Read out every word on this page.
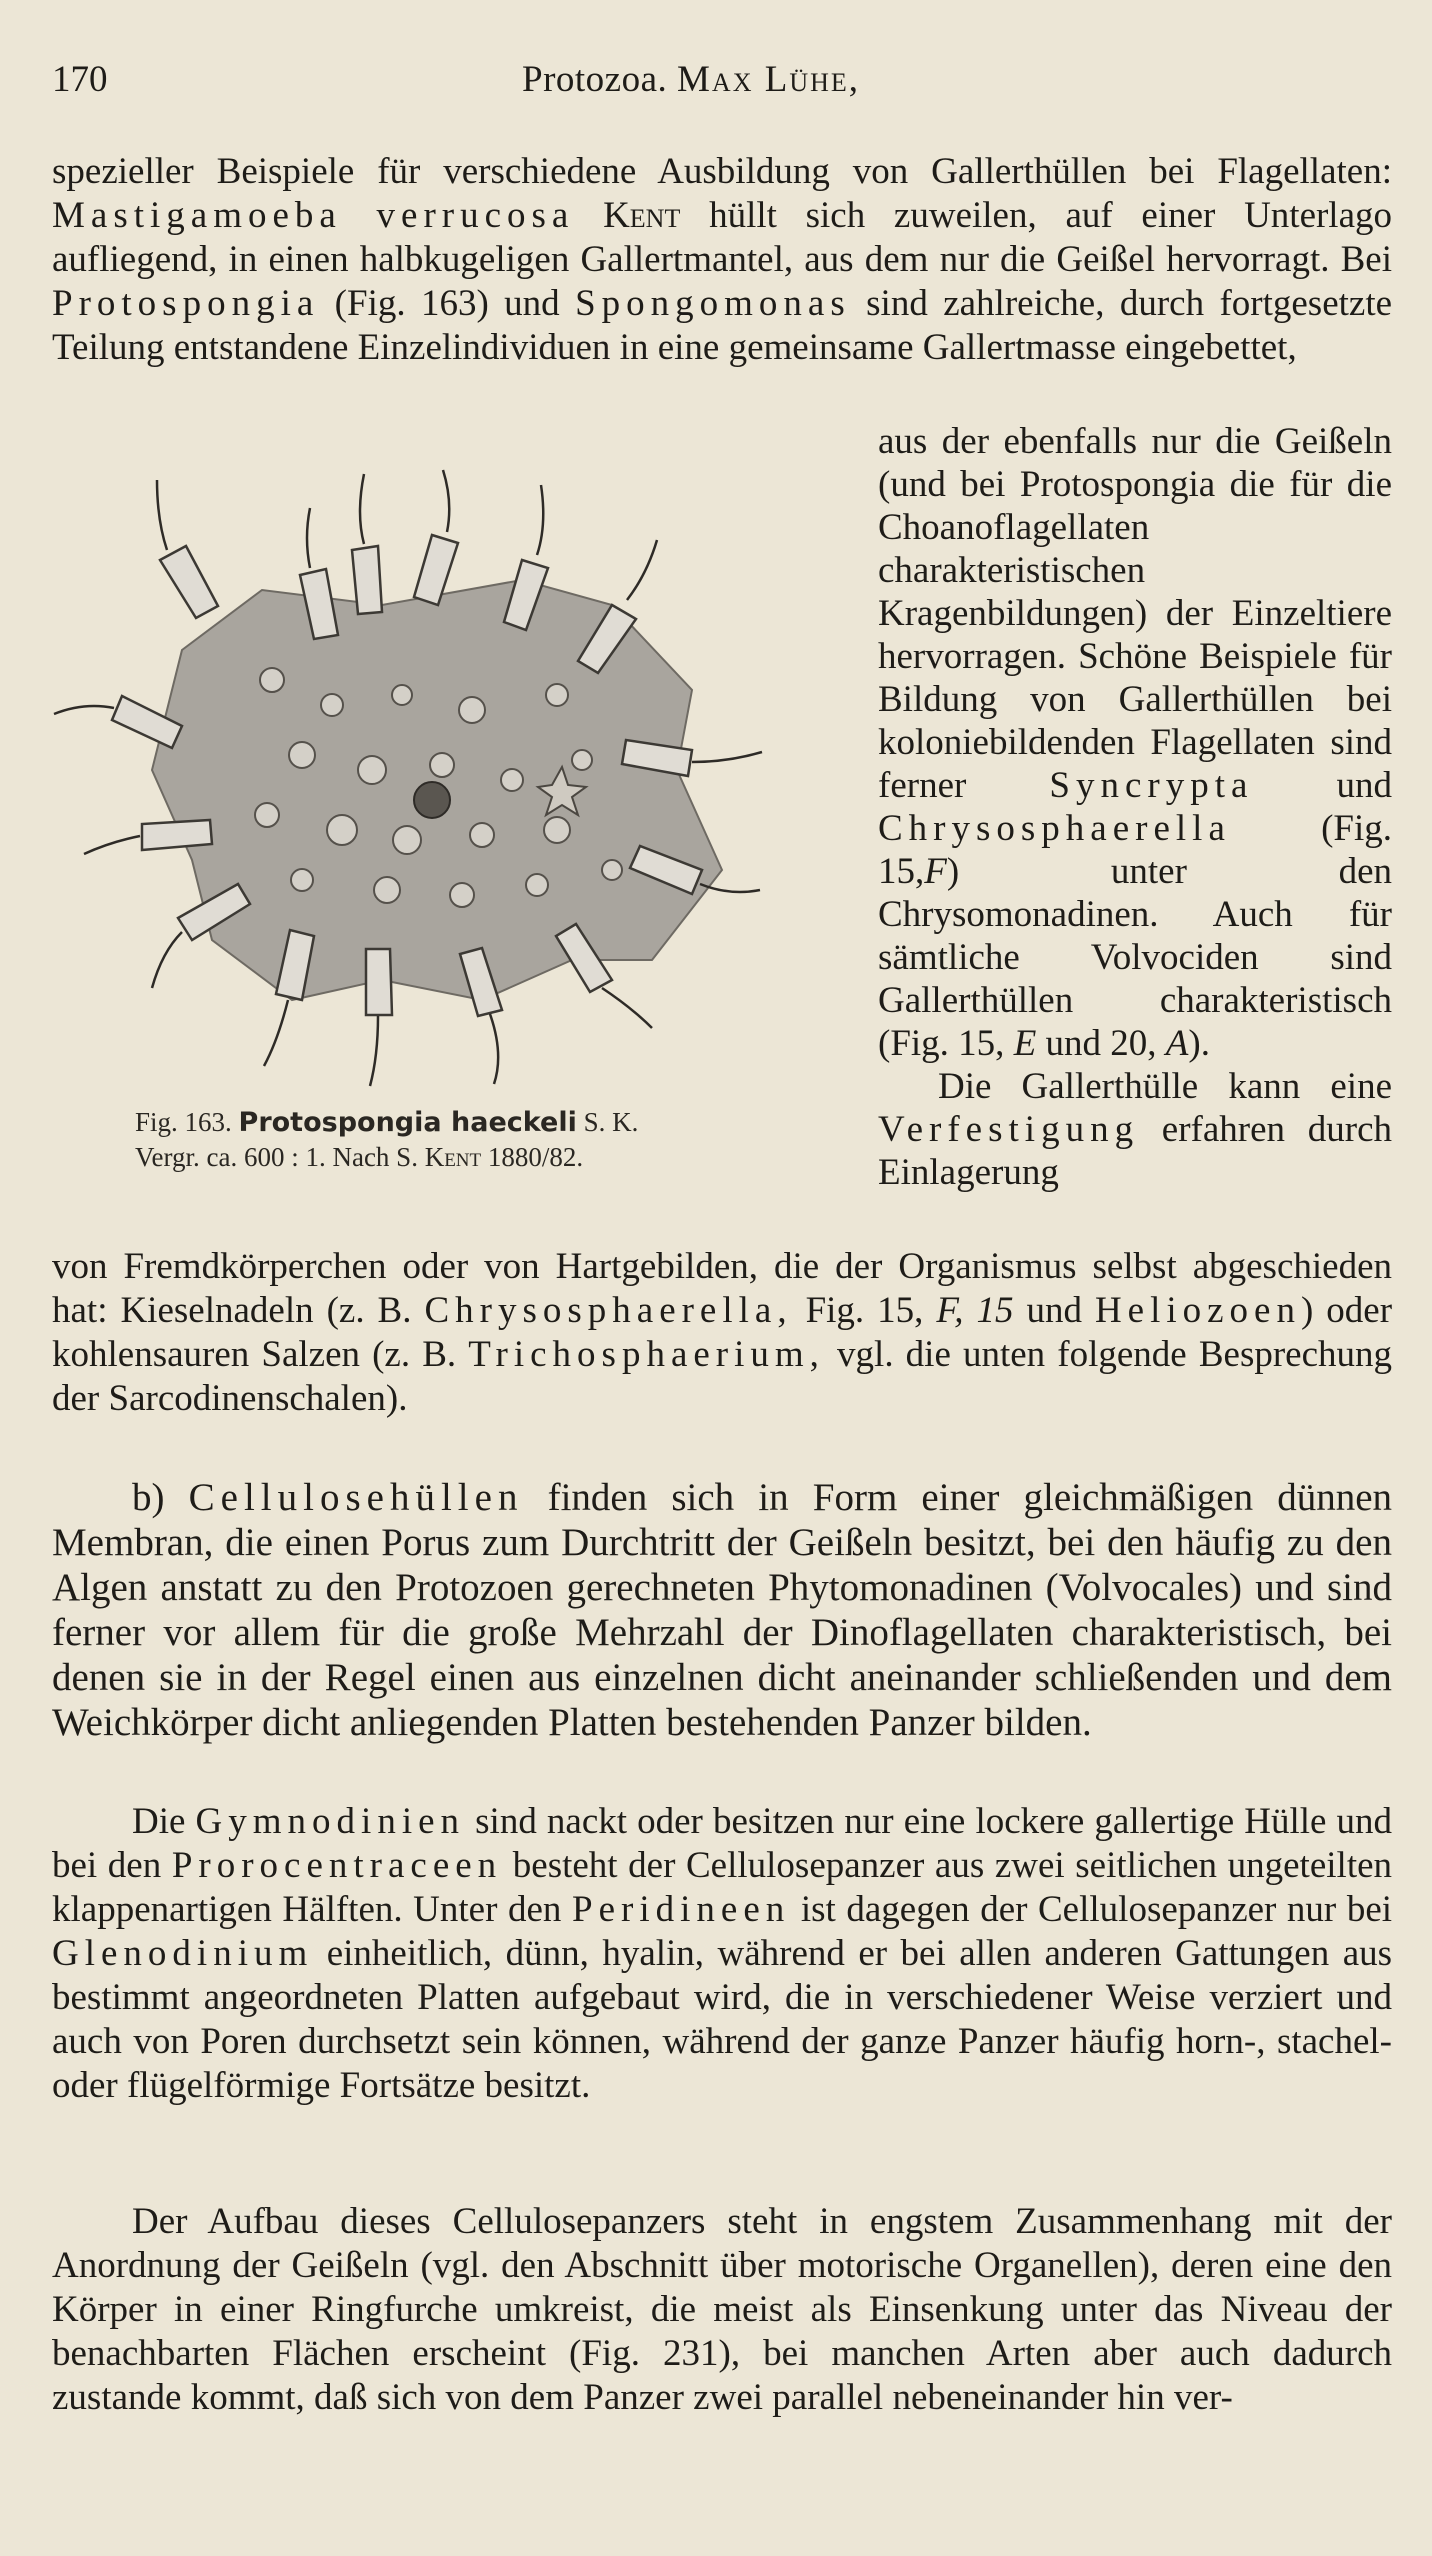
170	Protozoa. Max Lühe,
spezieller Beispiele für verschiedene Ausbildung von Gallerthüllen bei Flagellaten: Mastigamoeba verrucosa Kent hüllt sich zuweilen, auf einer Unterlago aufliegend, in einen halbkugeligen Gallertmantel, aus dem nur die Geißel hervorragt. Bei Protospongia (Fig. 163) und Spongomonas sind zahlreiche, durch fortgesetzte Teilung entstandene Einzelindividuen in eine gemeinsame Gallertmasse eingebettet,
Fig. 163. Protospongia haeckeli S. K.
Vergr. ca. 600 : 1. Nach S. Kent 1880/82.

aus der ebenfalls nur die Geißeln (und bei Protospongia die für die Choanoflagellaten charakteristischen Kragenbildungen) der Einzeltiere hervorragen. Schöne Beispiele für Bildung von Gallerthüllen bei koloniebildenden Flagellaten sind ferner Syncrypta und Chrysosphaerella (Fig. 15,F) unter den Chrysomonadinen. Auch für sämtliche Volvociden sind Gallerthüllen charakteristisch (Fig. 15, E und 20, A).

Die Gallerthülle kann eine Verfestigung erfahren durch Einlagerung

von Fremdkörperchen oder von Hartgebilden, die der Organismus selbst abgeschieden hat: Kieselnadeln (z. B. Chrysosphaerella, Fig. 15, F, 15 und Heliozoen) oder kohlensauren Salzen (z. B. Trichosphaerium, vgl. die unten folgende Besprechung der Sarcodinenschalen).
b) Cellulosehüllen finden sich in Form einer gleichmäßigen dünnen Membran, die einen Porus zum Durchtritt der Geißeln besitzt, bei den häufig zu den Algen anstatt zu den Protozoen gerechneten Phytomonadinen (Volvocales) und sind ferner vor allem für die große Mehrzahl der Dinoflagellaten charakteristisch, bei denen sie in der Regel einen aus einzelnen dicht aneinander schließenden und dem Weichkörper dicht anliegenden Platten bestehenden Panzer bilden.
Die Gymnodinien sind nackt oder besitzen nur eine lockere gallertige Hülle und bei den Prorocentraceen besteht der Cellulosepanzer aus zwei seitlichen ungeteilten klappenartigen Hälften. Unter den Peridineen ist dagegen der Cellulosepanzer nur bei Glenodinium einheitlich, dünn, hyalin, während er bei allen anderen Gattungen aus bestimmt angeordneten Platten aufgebaut wird, die in verschiedener Weise verziert und auch von Poren durchsetzt sein können, während der ganze Panzer häufig horn-, stachel- oder flügelförmige Fortsätze besitzt.
Der Aufbau dieses Cellulosepanzers steht in engstem Zusammenhang mit der Anordnung der Geißeln (vgl. den Abschnitt über motorische Organellen), deren eine den Körper in einer Ringfurche umkreist, die meist als Einsenkung unter das Niveau der benachbarten Flächen erscheint (Fig. 231), bei manchen Arten aber auch dadurch zustande kommt, daß sich von dem Panzer zwei parallel nebeneinander hin ver-
